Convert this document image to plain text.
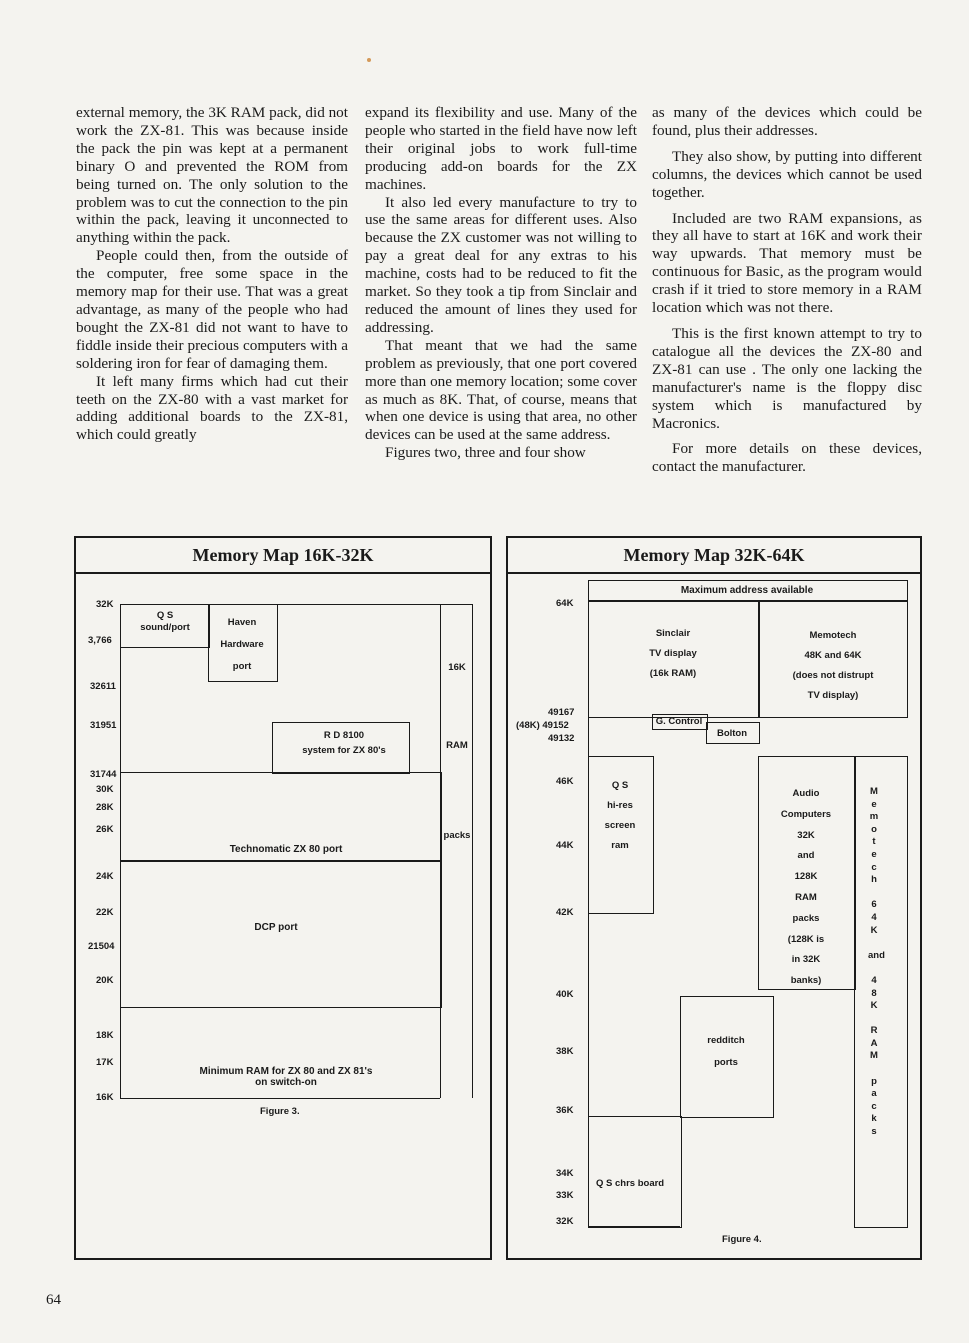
external memory, the 3K RAM pack, did not work the ZX-81. This was because inside the pack the pin was kept at a permanent binary O and prevented the ROM from being turned on. The only solution to the problem was to cut the connection to the pin within the pack, leaving it unconnected to anything within the pack.

People could then, from the outside of the computer, free some space in the memory map for their use. That was a great advantage, as many of the people who had bought the ZX-81 did not want to have to fiddle inside their precious computers with a soldering iron for fear of damaging them.

It left many firms which had cut their teeth on the ZX-80 with a vast market for adding additional boards to the ZX-81, which could greatly

expand its flexibility and use. Many of the people who started in the field have now left their original jobs to work full-time producing add-on boards for the ZX machines.

It also led every manufacture to try to use the same areas for different uses. Also because the ZX customer was not willing to pay a great deal for any extras to his machine, costs had to be reduced to fit the market. So they took a tip from Sinclair and reduced the amount of lines they used for addressing.

That meant that we had the same problem as previously, that one port covered more than one memory location; some cover as much as 8K. That, of course, means that when one device is using that area, no other devices can be used at the same address.

Figures two, three and four show

as many of the devices which could be found, plus their addresses.

They also show, by putting into different columns, the devices which cannot be used together.

Included are two RAM expansions, as they all have to start at 16K and work their way upwards. That memory must be continuous for Basic, as the program would crash if it tried to store memory in a RAM location which was not there.

This is the first known attempt to try to catalogue all the devices the ZX-80 and ZX-81 can use . The only one lacking the manufacturer's name is the floppy disc system which is manufactured by Macronics.

For more details on these devices, contact the manufacturer.

Memory Map 16K-32K
32K
3,766
32611
31951
31744
30K
28K
26K
24K
22K
21504
20K
18K
17K
16K
Q S
sound/port	Haven
Hardware
port
R D 8100
system for ZX 80's
16K
RAM
packs
Technomatic ZX 80 port
DCP port
Minimum RAM for ZX 80 and ZX 81's
on switch-on
Figure 3.
Memory Map 32K-64K
Maximum address available
64K
49167
(48K) 49152
49132
46K
44K
42K
40K
38K
36K
34K
33K
32K
Sinclair
TV display
(16k RAM)
Memotech
48K and 64K
(does not distrupt
TV display)
G. Control
Bolton
Q S
hi-res
screen
ram
Audio
Computers
32K
and
128K
RAM
packs
(128K is
in 32K
banks)
M
e
m
o
t
e
c
h

6
4
K

and

4
8
K

R
A
M

p
a
c
k
s
redditch
ports
Q S chrs board
Figure 4.
64
